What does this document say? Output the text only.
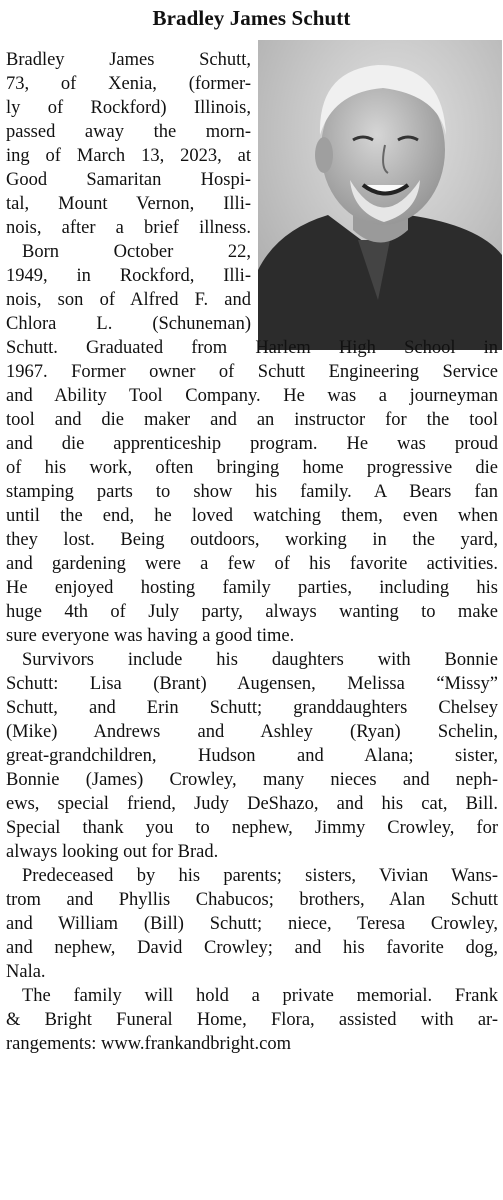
Bradley James Schutt
Bradley James Schutt,
73, of Xenia, (former-
ly of Rockford) Illinois,
passed away the morn-
ing of March 13, 2023, at
Good Samaritan Hospi-
tal, Mount Vernon, Illi-
nois, after a brief illness.
Born October 22,
1949, in Rockford, Illi-
nois, son of Alfred F. and
Chlora L. (Schuneman)
Schutt. Graduated from Harlem High School in
1967. Former owner of Schutt Engineering Service
and Ability Tool Company. He was a journeyman
tool and die maker and an instructor for the tool
and die apprenticeship program. He was proud
of his work, often bringing home progressive die
stamping parts to show his family. A Bears fan
until the end, he loved watching them, even when
they lost. Being outdoors, working in the yard,
and gardening were a few of his favorite activities.
He enjoyed hosting family parties, including his
huge 4th of July party, always wanting to make
sure everyone was having a good time.
Survivors include his daughters with Bonnie
Schutt: Lisa (Brant) Augensen, Melissa “Missy”
Schutt, and Erin Schutt; granddaughters Chelsey
(Mike) Andrews and Ashley (Ryan) Schelin,
great-grandchildren, Hudson and Alana; sister,
Bonnie (James) Crowley, many nieces and neph-
ews, special friend, Judy DeShazo, and his cat, Bill.
Special thank you to nephew, Jimmy Crowley, for
always looking out for Brad.
Predeceased by his parents; sisters, Vivian Wans-
trom and Phyllis Chabucos; brothers, Alan Schutt
and William (Bill) Schutt; niece, Teresa Crowley,
and nephew, David Crowley; and his favorite dog,
Nala.
The family will hold a private memorial. Frank
& Bright Funeral Home, Flora, assisted with ar-
rangements: www.frankandbright.com
